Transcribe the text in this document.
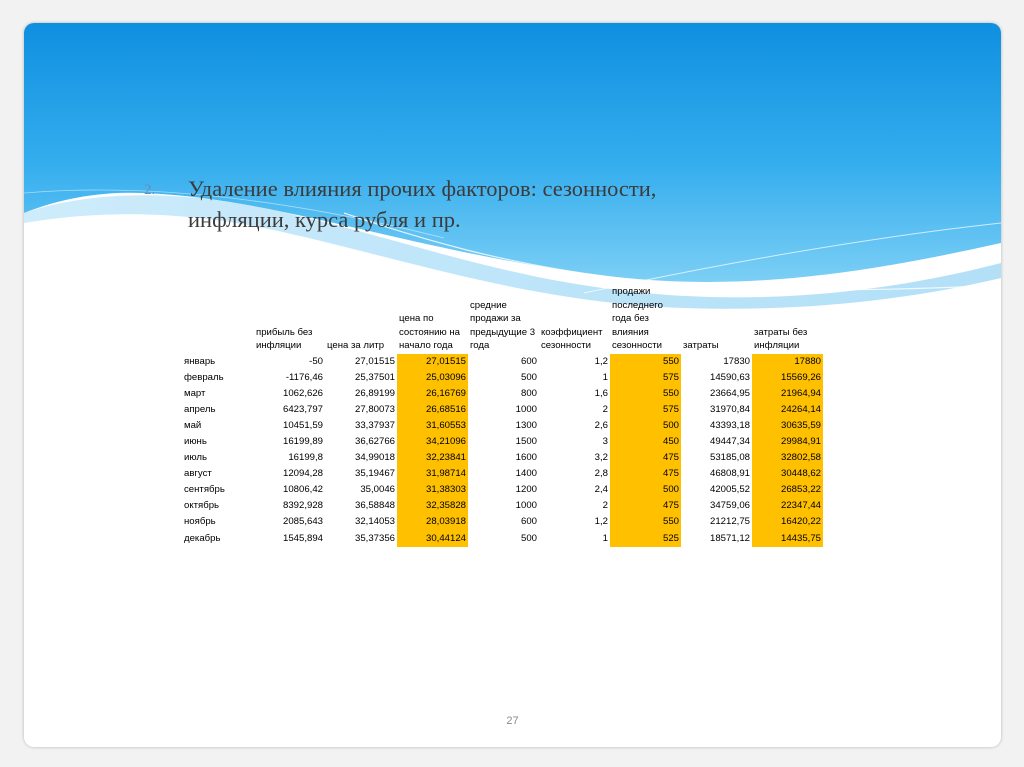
2.	Удаление влияния прочих факторов: сезонности,
инфляции, курса рубля и пр.
	прибыль без инфляции	цена за литр	цена по состоянию на начало года	средние продажи за предыдущие 3 года	коэффициент сезонности	продажи последнего года без влияния сезонности	затраты	затраты без инфляции
январь	-50	27,01515	27,01515	600	1,2	550	17830	17880
февраль	-1176,46	25,37501	25,03096	500	1	575	14590,63	15569,26
март	1062,626	26,89199	26,16769	800	1,6	550	23664,95	21964,94
апрель	6423,797	27,80073	26,68516	1000	2	575	31970,84	24264,14
май	10451,59	33,37937	31,60553	1300	2,6	500	43393,18	30635,59
июнь	16199,89	36,62766	34,21096	1500	3	450	49447,34	29984,91
июль	16199,8	34,99018	32,23841	1600	3,2	475	53185,08	32802,58
август	12094,28	35,19467	31,98714	1400	2,8	475	46808,91	30448,62
сентябрь	10806,42	35,0046	31,38303	1200	2,4	500	42005,52	26853,22
октябрь	8392,928	36,58848	32,35828	1000	2	475	34759,06	22347,44
ноябрь	2085,643	32,14053	28,03918	600	1,2	550	21212,75	16420,22
декабрь	1545,894	35,37356	30,44124	500	1	525	18571,12	14435,75
27
